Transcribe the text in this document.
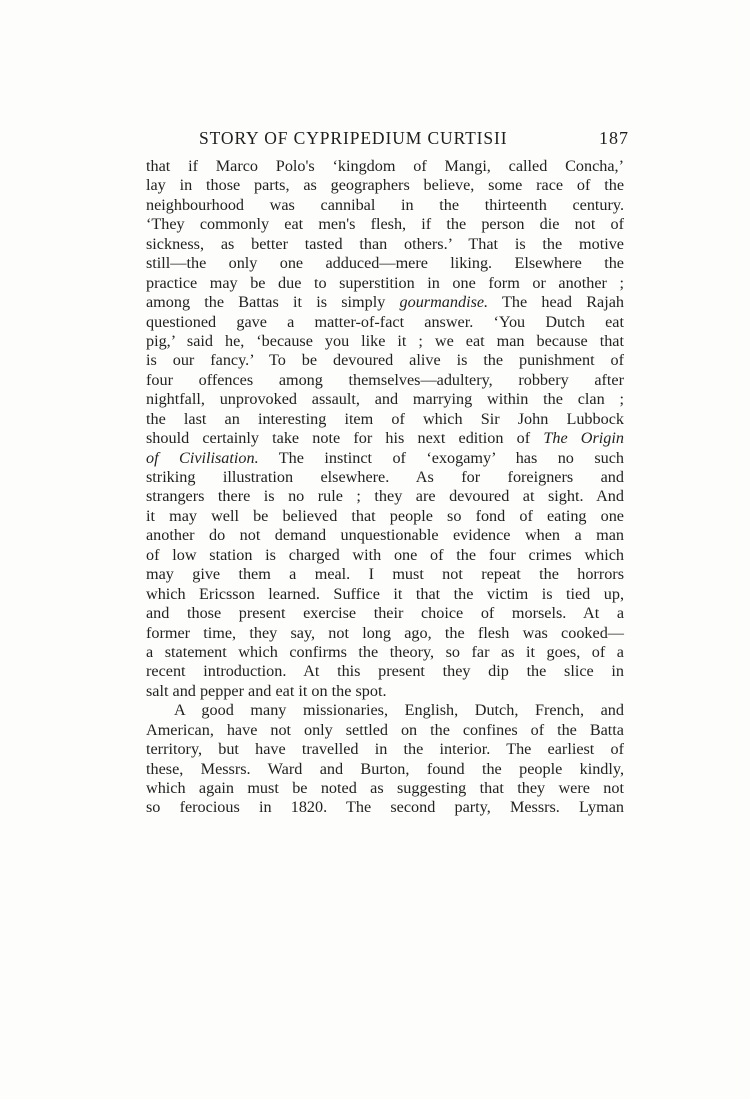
STORY OF CYPRIPEDIUM CURTISII	187
that if Marco Polo's ‘kingdom of Mangi, called Concha,’
lay in those parts, as geographers believe, some race of the
neighbourhood was cannibal in the thirteenth century.
‘They commonly eat men's flesh, if the person die not of
sickness, as better tasted than others.’ That is the motive
still—the only one adduced—mere liking. Elsewhere the
practice may be due to superstition in one form or another ;
among the Battas it is simply gourmandise. The head Rajah
questioned gave a matter-of-fact answer. ‘You Dutch eat
pig,’ said he, ‘because you like it ; we eat man because that
is our fancy.’ To be devoured alive is the punishment of
four offences among themselves—adultery, robbery after
nightfall, unprovoked assault, and marrying within the clan ;
the last an interesting item of which Sir John Lubbock
should certainly take note for his next edition of The Origin
of Civilisation. The instinct of ‘exogamy’ has no such
striking illustration elsewhere. As for foreigners and
strangers there is no rule ; they are devoured at sight. And
it may well be believed that people so fond of eating one
another do not demand unquestionable evidence when a man
of low station is charged with one of the four crimes which
may give them a meal. I must not repeat the horrors
which Ericsson learned. Suffice it that the victim is tied up,
and those present exercise their choice of morsels. At a
former time, they say, not long ago, the flesh was cooked—
a statement which confirms the theory, so far as it goes, of a
recent introduction. At this present they dip the slice in
salt and pepper and eat it on the spot.
A good many missionaries, English, Dutch, French, and
American, have not only settled on the confines of the Batta
territory, but have travelled in the interior. The earliest of
these, Messrs. Ward and Burton, found the people kindly,
which again must be noted as suggesting that they were not
so ferocious in 1820. The second party, Messrs. Lyman
